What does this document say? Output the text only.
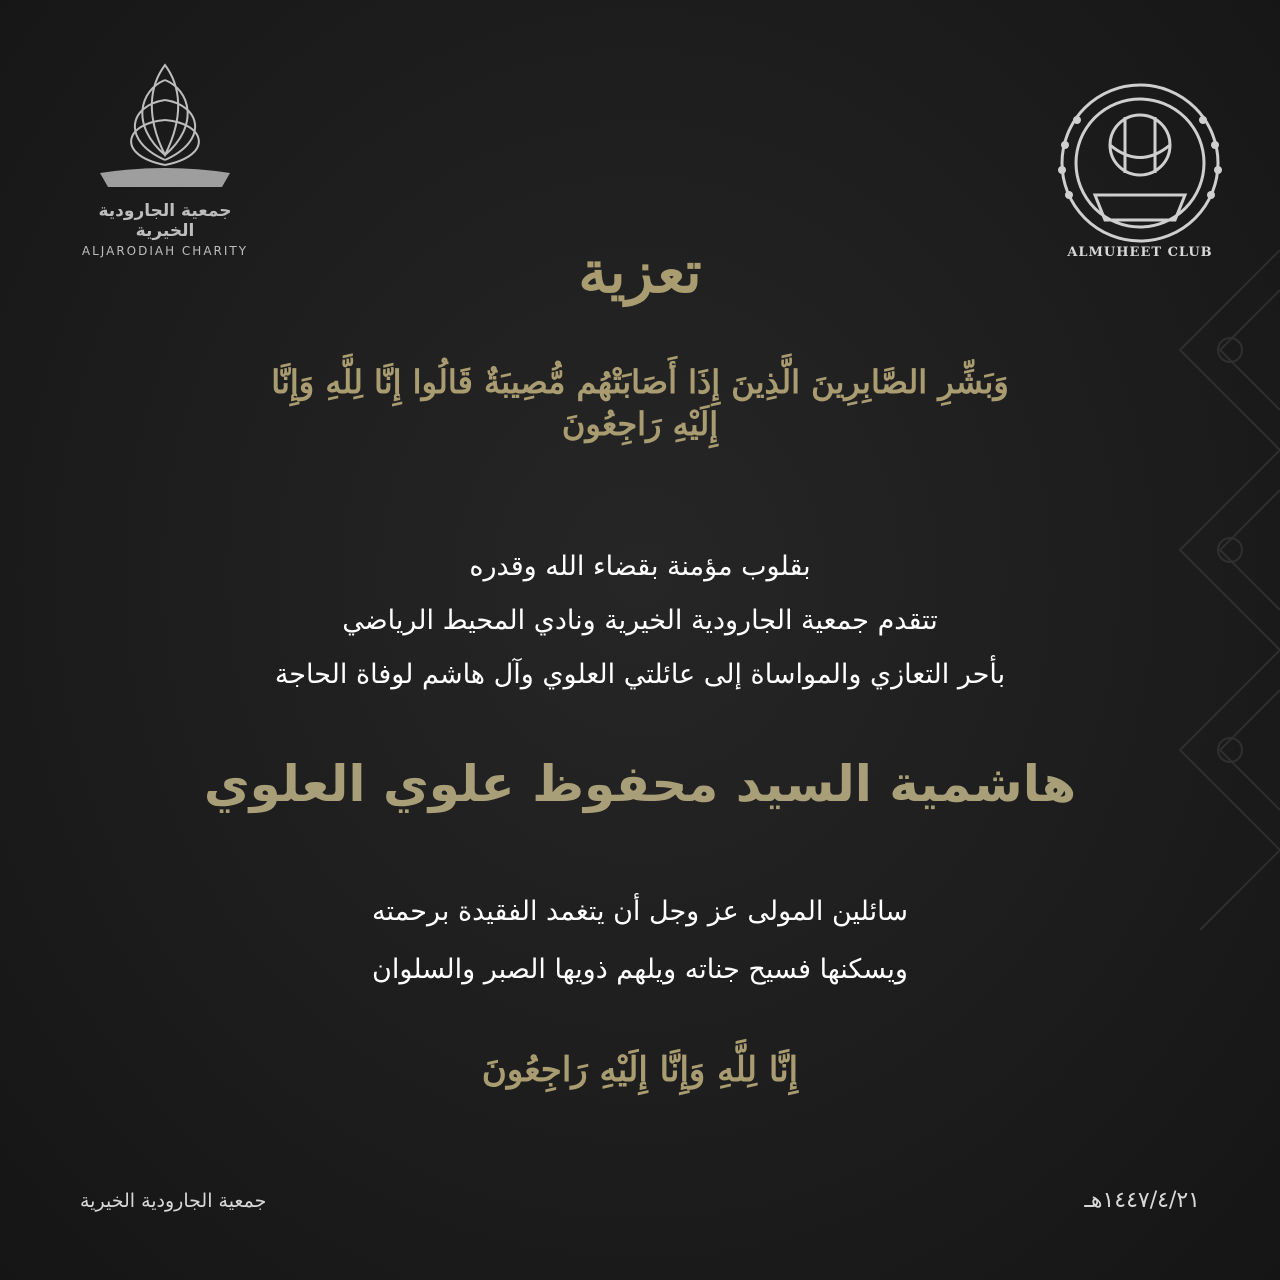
جمعية الجارودية الخيرية
ALJARODIAH CHARITY	ALMUHEET CLUB
تعزية
وَبَشِّرِ الصَّابِرِينَ الَّذِينَ إِذَا أَصَابَتْهُم مُّصِيبَةٌ قَالُوا إِنَّا لِلَّهِ وَإِنَّا إِلَيْهِ رَاجِعُونَ
بقلوب مؤمنة بقضاء الله وقدره
تتقدم جمعية الجارودية الخيرية ونادي المحيط الرياضي
بأحر التعازي والمواساة إلى عائلتي العلوي وآل هاشم لوفاة الحاجة
هاشمية السيد محفوظ علوي العلوي
سائلين المولى عز وجل أن يتغمد الفقيدة برحمته
ويسكنها فسيح جناته ويلهم ذويها الصبر والسلوان
إِنَّا لِلَّهِ وَإِنَّا إِلَيْهِ رَاجِعُونَ
جمعية الجارودية الخيرية	١٤٤٧/٤/٢١هـ
